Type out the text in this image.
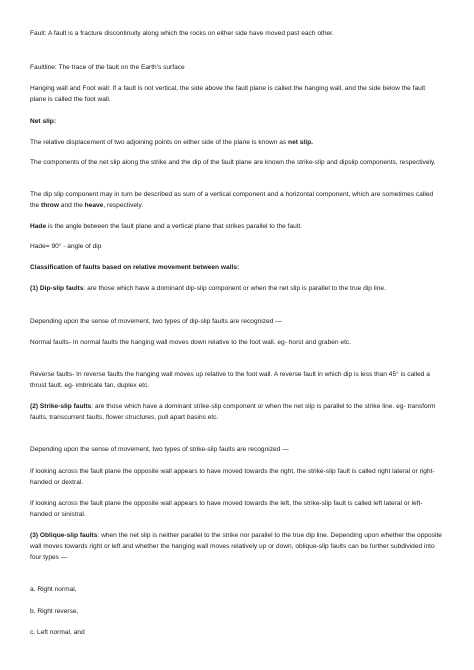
Fault: A fault is a fracture discontinuity along which the rocks on either side have moved past each other.

Faultline: The trace of the fault on the Earth's surface

Hanging wall and Foot wall: If a fault is not vertical, the side above the fault plane is called the hanging wall, and the side below the fault plane is called the foot wall.

Net slip:

The relative displacement of two adjoining points on either side of the plane is known as net slip.

The components of the net slip along the strike and the dip of the fault plane are known the strike-slip and dipslip components, respectively.

The dip slip component may in turn be described as sum of a vertical component and a horizontal component, which are sometimes called the throw and the heave, respectively.

Hade is the angle between the fault plane and a vertical plane that strikes parallel to the fault.

Hade= 90° - angle of dip

Classification of faults based on relative movement between walls:

(1) Dip-slip faults: are those which have a dominant dip-slip component or when the net slip is parallel to the true dip line.

Depending upon the sense of movement, two types of dip-slip faults are recognized —

Normal faults- In normal faults the hanging wall moves down relative to the foot wall. eg- horst and graben etc.

Reverse faults- In reverse faults the hanging wall moves up relative to the foot wall. A reverse fault in which dip is less than 45° is called a thrust fault. eg- imbricate fan, duplex etc.

(2) Strike-slip faults: are those which have a dominant strike-slip component or when the net slip is parallel to the strike line. eg- transform faults, transcurrent faults, flower structures, pull apart basins etc.

Depending upon the sense of movement, two types of strike-slip faults are recognized —

If looking across the fault plane the opposite wall appears to have moved towards the right, the strike-slip fault is called right lateral or right-handed or dextral.

If looking across the fault plane the opposite wall appears to have moved towards the left, the strike-slip fault is called left lateral or left-handed or sinistral.

(3) Oblique-slip faults: when the net slip is neither parallel to the strike nor parallel to the true dip line. Depending upon whether the opposite wall moves towards right or left and whether the hanging wall moves relatively up or down, oblique-slip faults can be further subdivided into four types —

a. Right normal,

b. Right reverse,

c. Left normal, and
